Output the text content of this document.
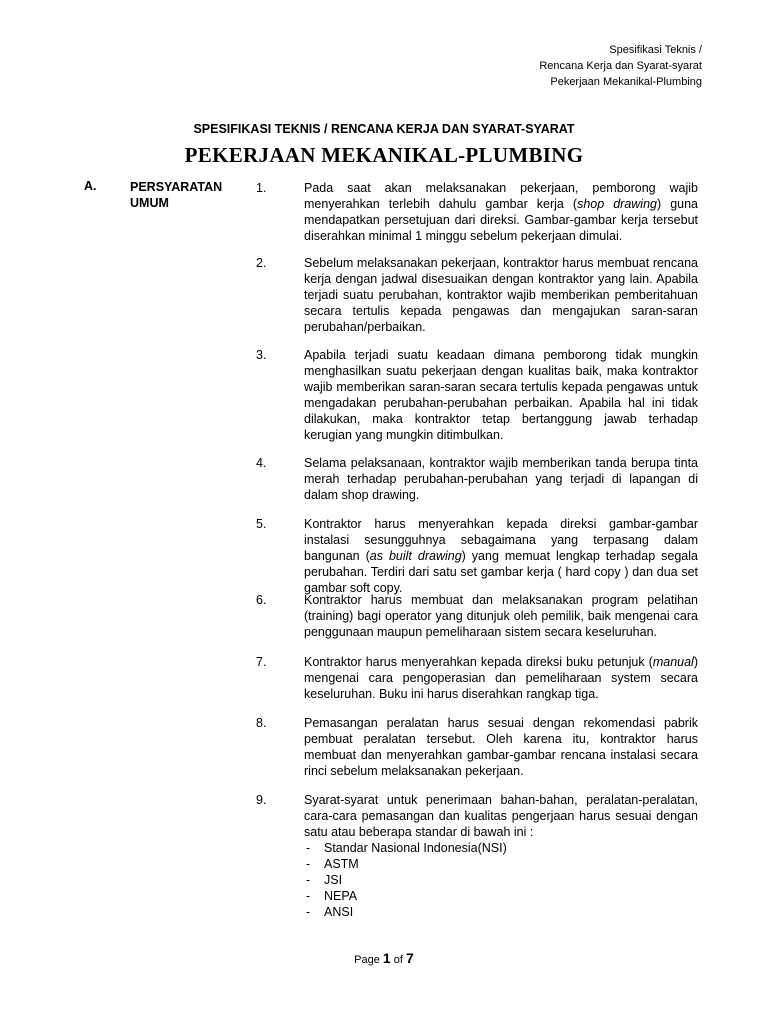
Spesifikasi Teknis /
Rencana Kerja dan Syarat-syarat
Pekerjaan Mekanikal-Plumbing
SPESIFIKASI TEKNIS / RENCANA KERJA DAN SYARAT-SYARAT
PEKERJAAN MEKANIKAL-PLUMBING
A.	PERSYARATAN
UMUM
1.	Pada saat akan melaksanakan pekerjaan, pemborong wajib menyerahkan terlebih dahulu gambar kerja (shop drawing) guna mendapatkan persetujuan dari direksi. Gambar-gambar kerja tersebut diserahkan minimal 1 minggu sebelum pekerjaan dimulai.
2.	Sebelum melaksanakan pekerjaan, kontraktor harus membuat rencana kerja dengan jadwal disesuaikan dengan kontraktor yang lain. Apabila terjadi suatu perubahan, kontraktor wajib memberikan pemberitahuan secara tertulis kepada pengawas dan mengajukan saran-saran perubahan/perbaikan.
3.	Apabila terjadi suatu keadaan dimana pemborong tidak mungkin menghasilkan suatu pekerjaan dengan kualitas baik, maka kontraktor wajib memberikan saran-saran secara tertulis kepada pengawas untuk mengadakan perubahan-perubahan perbaikan. Apabila hal ini tidak dilakukan, maka kontraktor tetap bertanggung jawab terhadap kerugian yang mungkin ditimbulkan.
4.	Selama pelaksanaan, kontraktor wajib memberikan tanda berupa tinta merah terhadap perubahan-perubahan yang terjadi di lapangan di dalam shop drawing.
5.	Kontraktor harus menyerahkan kepada direksi gambar-gambar instalasi sesungguhnya sebagaimana yang terpasang dalam bangunan (as built drawing) yang memuat lengkap terhadap segala perubahan. Terdiri dari satu set gambar kerja ( hard copy ) dan dua set gambar soft copy.
6.	Kontraktor harus membuat dan melaksanakan program pelatihan (training) bagi operator yang ditunjuk oleh pemilik, baik mengenai cara penggunaan maupun pemeliharaan sistem secara keseluruhan.
7.	Kontraktor harus menyerahkan kepada direksi buku petunjuk (manual) mengenai cara pengoperasian dan pemeliharaan system secara keseluruhan. Buku ini harus diserahkan rangkap tiga.
8.	Pemasangan peralatan harus sesuai dengan rekomendasi pabrik pembuat peralatan tersebut. Oleh karena itu, kontraktor harus membuat dan menyerahkan gambar-gambar rencana instalasi secara rinci sebelum melaksanakan pekerjaan.
9.	Syarat-syarat untuk penerimaan bahan-bahan, peralatan-peralatan, cara-cara pemasangan dan kualitas pengerjaan harus sesuai dengan satu atau beberapa standar di bawah ini :
- Standar Nasional Indonesia(NSI)
- ASTM
- JSI
- NEPA
- ANSI
Page 1 of 7
